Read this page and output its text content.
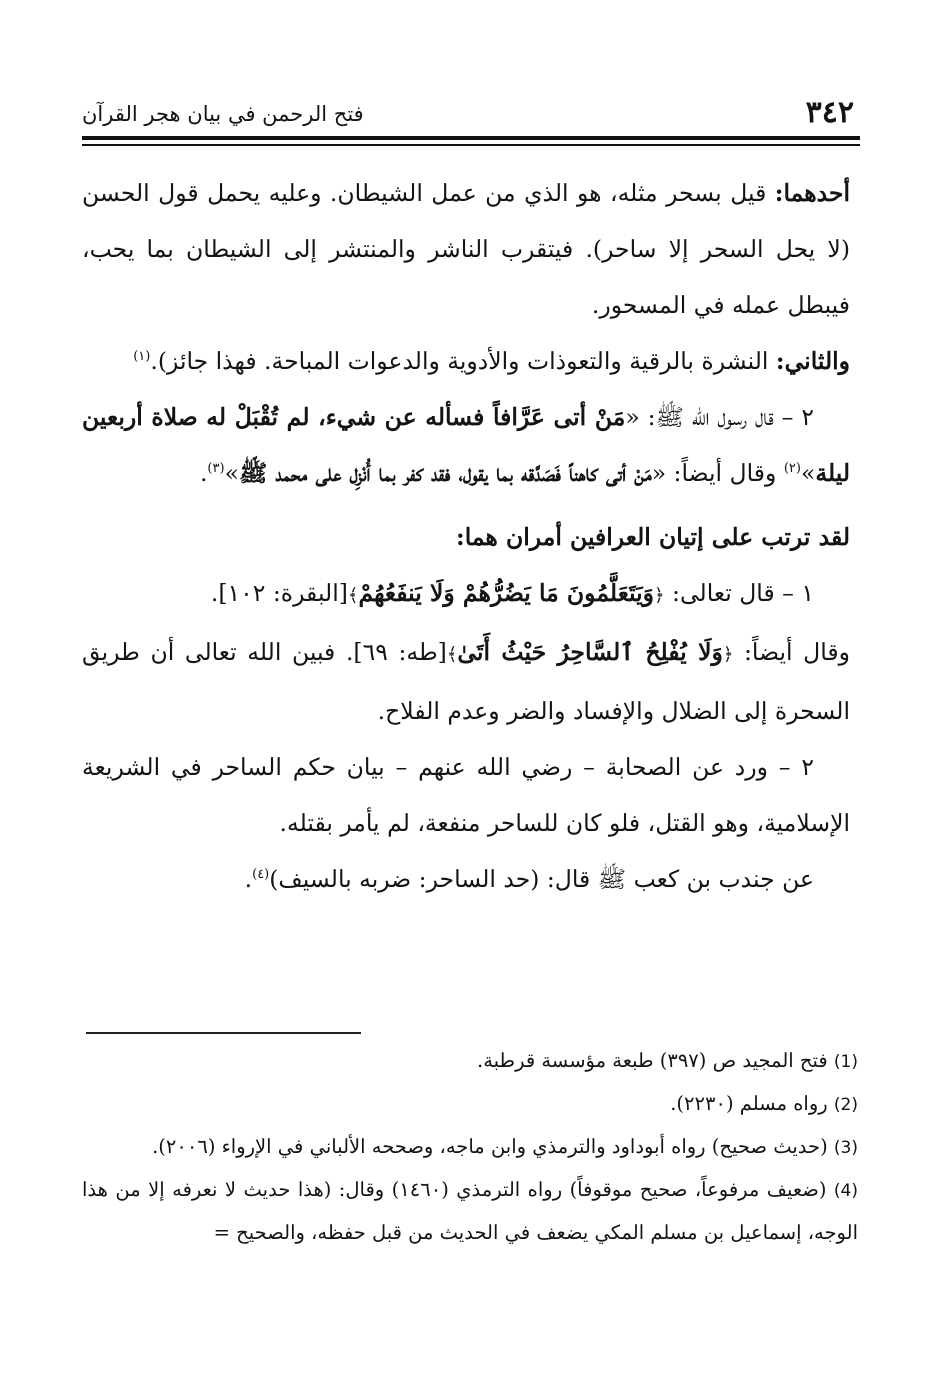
٣٤٢
فتح الرحمن في بيان هجر القرآن

أحدهما: قيل بسحر مثله، هو الذي من عمل الشيطان. وعليه يحمل قول الحسن (لا يحل السحر إلا ساحر). فيتقرب الناشر والمنتشر إلى الشيطان بما يحب، فيبطل عمله في المسحور.

والثاني: النشرة بالرقية والتعوذات والأدوية والدعوات المباحة. فهذا جائز).$^{(١)}$

٢ – قال رسول الله ﷺ: «مَنْ أتى عَرَّافاً فسأله عن شيء، لم تُقْبَلْ له صلاة أربعين ليلة»$^{(٢)}$ وقال أيضاً: «مَنْ أتى كاهناً فَصَدَّقه بما يقول، فقد كفر بما أُنْزِل على محمد ﷺ»$^{(٣)}$.

لقد ترتب على إتيان العرافين أمران هما:

١ – قال تعالى: ﴿وَيَتَعَلَّمُونَ مَا يَضُرُّهُمْ وَلَا يَنفَعُهُمْ﴾[البقرة: ١٠٢].

وقال أيضاً: ﴿وَلَا يُفْلِحُ ٱلسَّاحِرُ حَيْثُ أَتَىٰ﴾[طه: ٦٩]. فبين الله تعالى أن طريق السحرة إلى الضلال والإفساد والضر وعدم الفلاح.

٢ – ورد عن الصحابة – رضي الله عنهم – بيان حكم الساحر في الشريعة الإسلامية، وهو القتل، فلو كان للساحر منفعة، لم يأمر بقتله.

عن جندب بن كعب ﷺ قال: (حد الساحر: ضربه بالسيف)$^{(٤)}$.

(1) فتح المجيد ص (٣٩٧) طبعة مؤسسة قرطبة.

(2) رواه مسلم (٢٢٣٠).

(3) (حديث صحيح) رواه أبوداود والترمذي وابن ماجه، وصححه الألباني في الإرواء (٢٠٠٦).

(4) (ضعيف مرفوعاً، صحيح موقوفاً) رواه الترمذي (١٤٦٠) وقال: (هذا حديث لا نعرفه إلا من هذا الوجه، إسماعيل بن مسلم المكي يضعف في الحديث من قبل حفظه، والصحيح =
